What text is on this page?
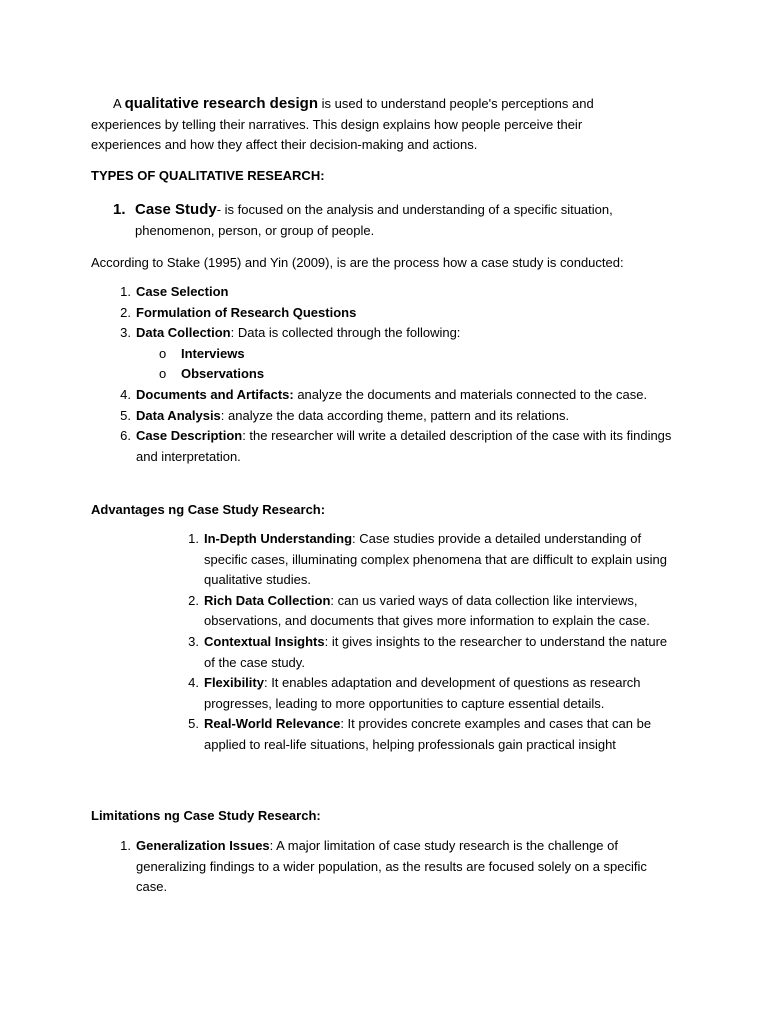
A qualitative research design is used to understand people's perceptions and experiences by telling their narratives. This design explains how people perceive their experiences and how they affect their decision-making and actions.

TYPES OF QUALITATIVE RESEARCH:
1. Case Study- is focused on the analysis and understanding of a specific situation, phenomenon, person, or group of people.

According to Stake (1995) and Yin (2009), is are the process how a case study is conducted:

1. Case Selection
2. Formulation of Research Questions
3. Data Collection: Data is collected through the following:
o Interviews
o Observations
4. Documents and Artifacts: analyze the documents and materials connected to the case.
5. Data Analysis: analyze the data according theme, pattern and its relations.
6. Case Description: the researcher will write a detailed description of the case with its findings and interpretation.
Advantages ng Case Study Research:
1. In-Depth Understanding: Case studies provide a detailed understanding of specific cases, illuminating complex phenomena that are difficult to explain using qualitative studies.
2. Rich Data Collection: can us varied ways of data collection like interviews, observations, and documents that gives more information to explain the case.
3. Contextual Insights: it gives insights to the researcher to understand the nature of the case study.
4. Flexibility: It enables adaptation and development of questions as research progresses, leading to more opportunities to capture essential details.
5. Real-World Relevance: It provides concrete examples and cases that can be applied to real-life situations, helping professionals gain practical insight
Limitations ng Case Study Research:
1. Generalization Issues: A major limitation of case study research is the challenge of generalizing findings to a wider population, as the results are focused solely on a specific case.
